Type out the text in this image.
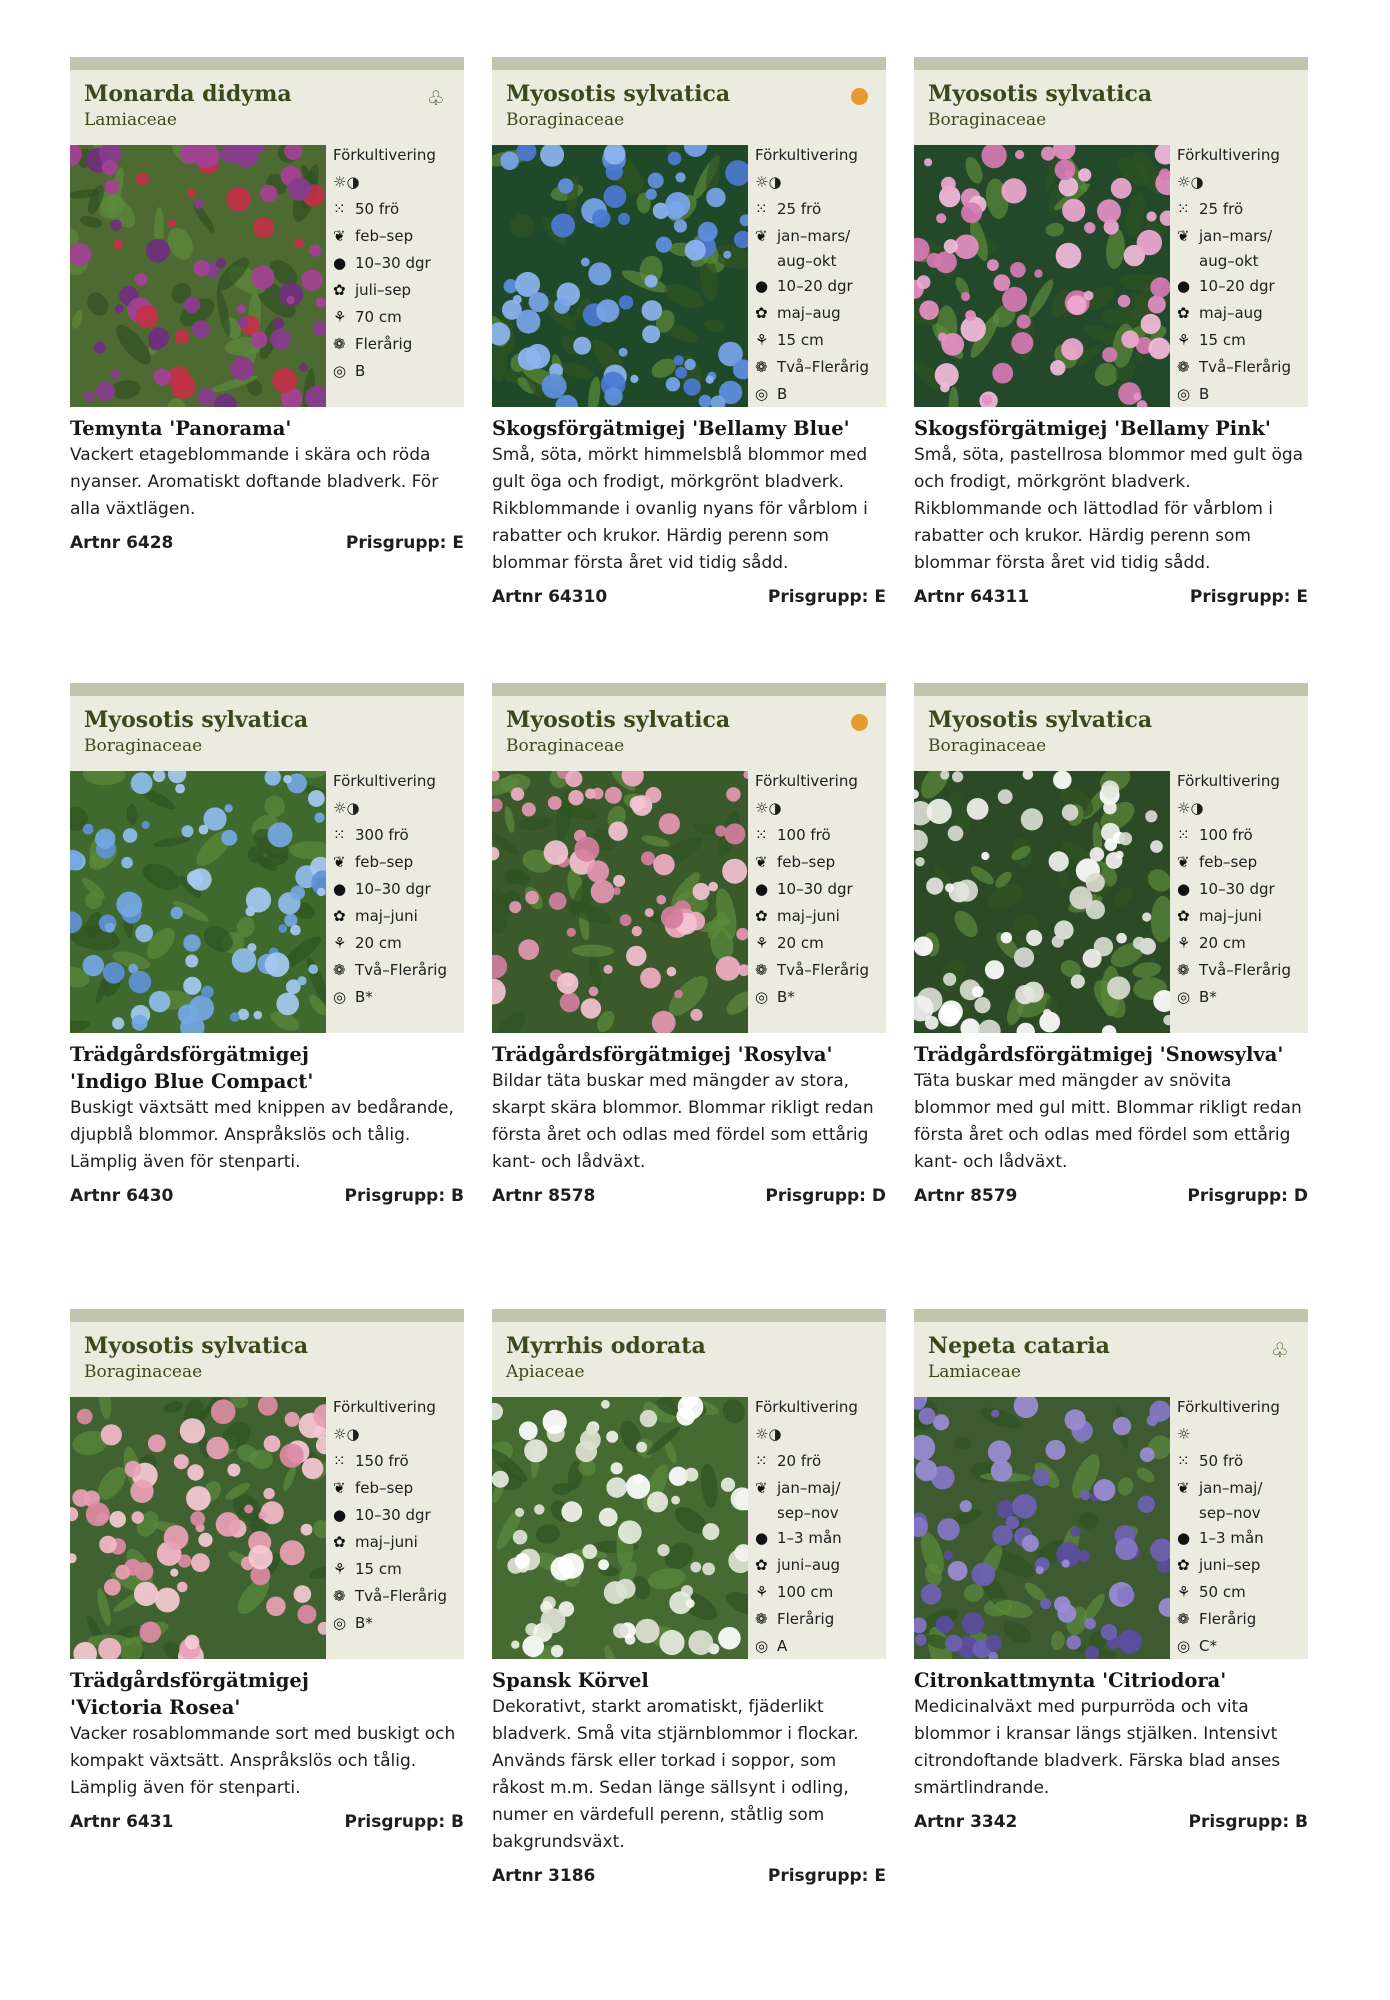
Monarda didyma
Lamiaceae
♧
Förkultivering
☼◑
⁙ 50 frö
❦ feb–sep
● 10–30 dgr
✿ juli–sep
⚘ 70 cm
❁ Flerårig
◎ B
Temynta 'Panorama'
Vackert etageblommande i skära och röda nyanser. Aromatiskt doftande bladverk. För alla växtlägen.
Artnr 6428	Prisgrupp: E
Myosotis sylvatica
Boraginaceae
Förkultivering
☼◑
⁙ 25 frö
❦ jan–mars/
aug–okt
● 10–20 dgr
✿ maj–aug
⚘ 15 cm
❁ Två–Flerårig
◎ B
Skogsförgätmigej 'Bellamy Blue'
Små, söta, mörkt himmelsblå blommor med gult öga och frodigt, mörkgrönt bladverk. Rikblommande i ovanlig nyans för vårblom i rabatter och krukor. Härdig perenn som blommar första året vid tidig sådd.
Artnr 64310	Prisgrupp: E
Myosotis sylvatica
Boraginaceae
Förkultivering
☼◑
⁙ 25 frö
❦ jan–mars/
aug–okt
● 10–20 dgr
✿ maj–aug
⚘ 15 cm
❁ Två–Flerårig
◎ B
Skogsförgätmigej 'Bellamy Pink'
Små, söta, pastellrosa blommor med gult öga och frodigt, mörkgrönt bladverk. Rikblommande och lättodlad för vårblom i rabatter och krukor. Härdig perenn som blommar första året vid tidig sådd.
Artnr 64311	Prisgrupp: E
Myosotis sylvatica
Boraginaceae
Förkultivering
☼◑
⁙ 300 frö
❦ feb–sep
● 10–30 dgr
✿ maj–juni
⚘ 20 cm
❁ Två–Flerårig
◎ B*
Trädgårdsförgätmigej
'Indigo Blue Compact'
Buskigt växtsätt med knippen av bedårande, djupblå blommor. Anspråkslös och tålig. Lämplig även för stenparti.
Artnr 6430	Prisgrupp: B
Myosotis sylvatica
Boraginaceae
Förkultivering
☼◑
⁙ 100 frö
❦ feb–sep
● 10–30 dgr
✿ maj–juni
⚘ 20 cm
❁ Två–Flerårig
◎ B*
Trädgårdsförgätmigej 'Rosylva'
Bildar täta buskar med mängder av stora, skarpt skära blommor. Blommar rikligt redan första året och odlas med fördel som ettårig kant- och lådväxt.
Artnr 8578	Prisgrupp: D
Myosotis sylvatica
Boraginaceae
Förkultivering
☼◑
⁙ 100 frö
❦ feb–sep
● 10–30 dgr
✿ maj–juni
⚘ 20 cm
❁ Två–Flerårig
◎ B*
Trädgårdsförgätmigej 'Snowsylva'
Täta buskar med mängder av snövita blommor med gul mitt. Blommar rikligt redan första året och odlas med fördel som ettårig kant- och lådväxt.
Artnr 8579	Prisgrupp: D
Myosotis sylvatica
Boraginaceae
Förkultivering
☼◑
⁙ 150 frö
❦ feb–sep
● 10–30 dgr
✿ maj–juni
⚘ 15 cm
❁ Två–Flerårig
◎ B*
Trädgårdsförgätmigej
'Victoria Rosea'
Vacker rosablommande sort med buskigt och kompakt växtsätt. Anspråkslös och tålig. Lämplig även för stenparti.
Artnr 6431	Prisgrupp: B
Myrrhis odorata
Apiaceae
Förkultivering
☼◑
⁙ 20 frö
❦ jan–maj/
sep–nov
● 1–3 mån
✿ juni–aug
⚘ 100 cm
❁ Flerårig
◎ A
Spansk Körvel
Dekorativt, starkt aromatiskt, fjäderlikt bladverk. Små vita stjärnblommor i flockar. Används färsk eller torkad i soppor, som råkost m.m. Sedan länge sällsynt i odling, numer en värdefull perenn, ståtlig som bakgrundsväxt.
Artnr 3186	Prisgrupp: E
Nepeta cataria
Lamiaceae
♧
Förkultivering
☼
⁙ 50 frö
❦ jan–maj/
sep–nov
● 1–3 mån
✿ juni–sep
⚘ 50 cm
❁ Flerårig
◎ C*
Citronkattmynta 'Citriodora'
Medicinalväxt med purpurröda och vita blommor i kransar längs stjälken. Intensivt citrondoftande bladverk. Färska blad anses smärtlindrande.
Artnr 3342	Prisgrupp: B
